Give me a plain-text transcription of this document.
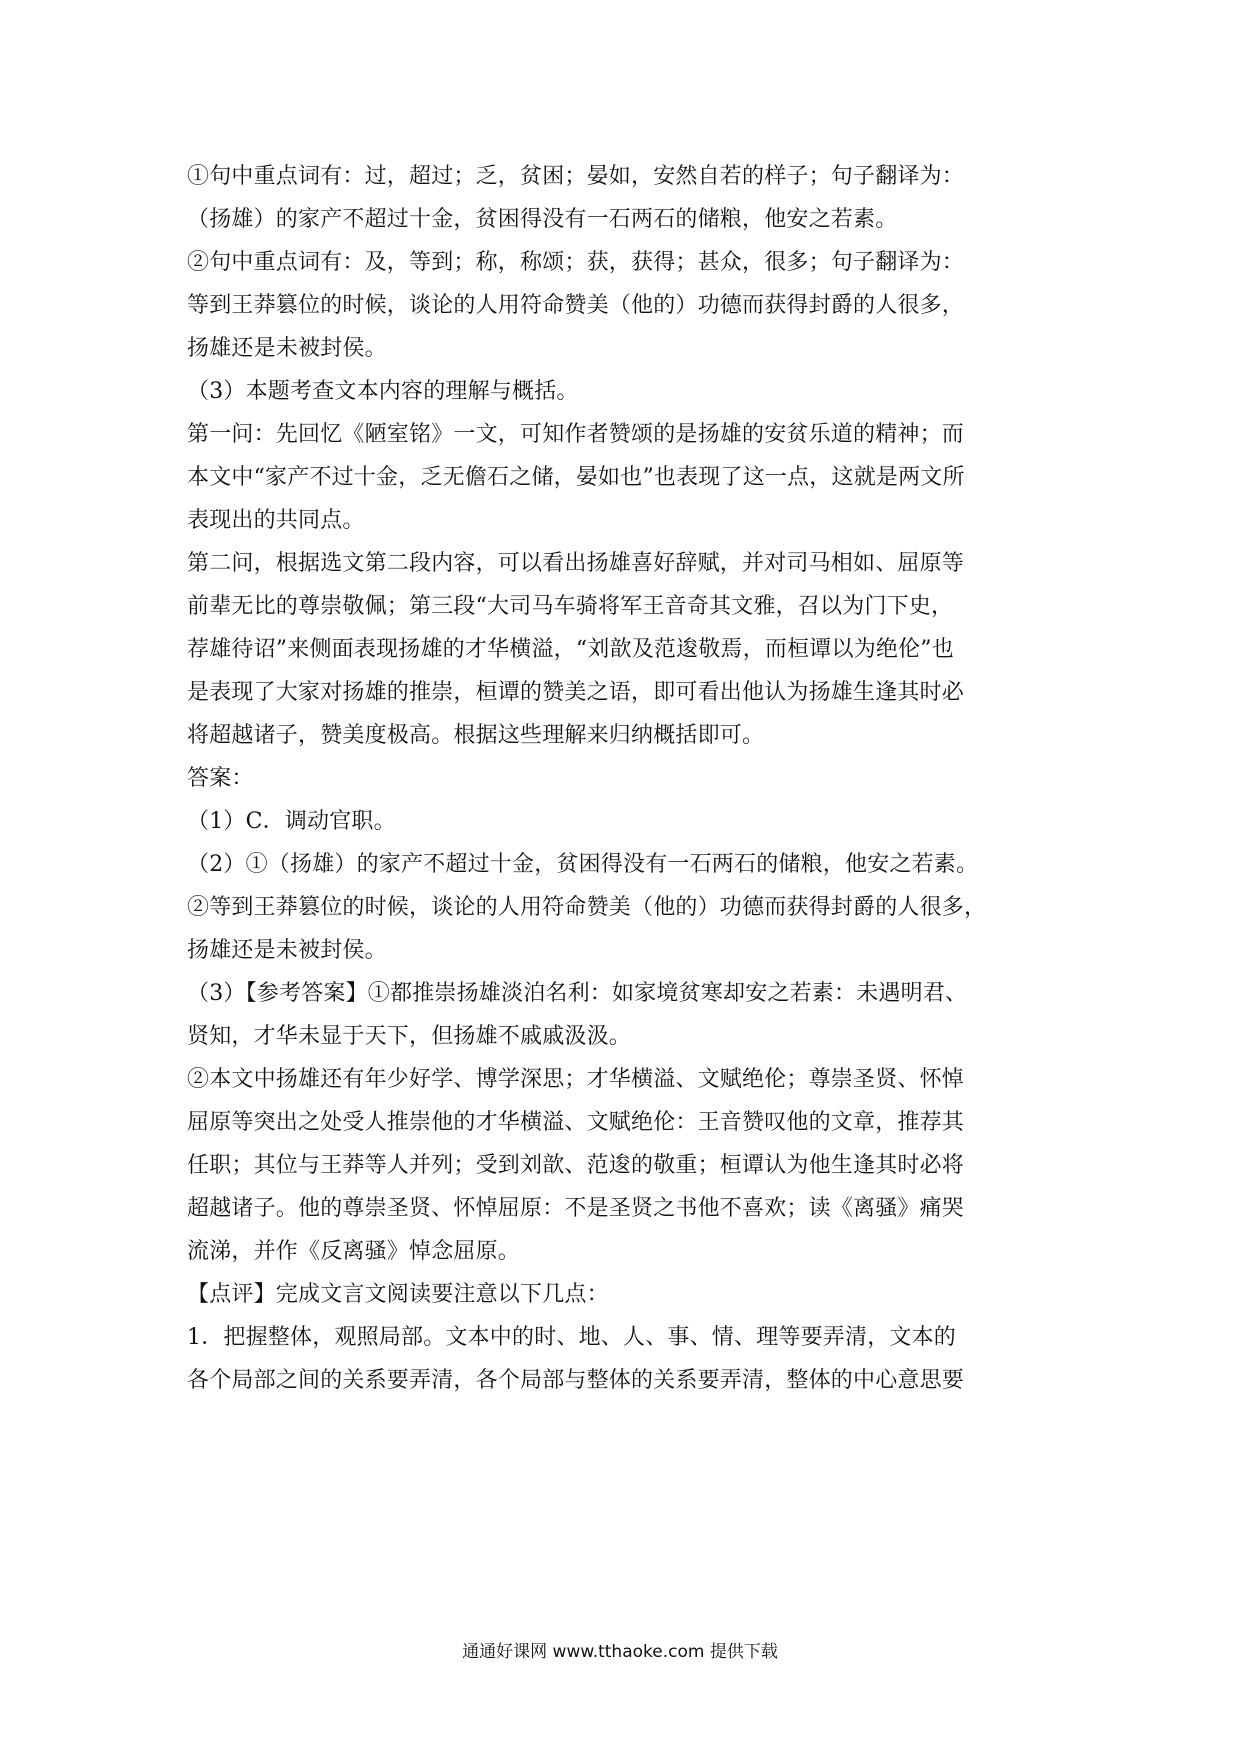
①句中重点词有：过，超过；乏，贫困；晏如，安然自若的样子；句子翻译为：
（扬雄）的家产不超过十金，贫困得没有一石两石的储粮，他安之若素。
②句中重点词有：及，等到；称，称颂；获，获得；甚众，很多；句子翻译为：
等到王莽篡位的时候，谈论的人用符命赞美（他的）功德而获得封爵的人很多，
扬雄还是未被封侯。
（3）本题考查文本内容的理解与概括。
第一问：先回忆《陋室铭》一文，可知作者赞颂的是扬雄的安贫乐道的精神；而
本文中“家产不过十金，乏无儋石之储，晏如也”也表现了这一点，这就是两文所
表现出的共同点。
第二问，根据选文第二段内容，可以看出扬雄喜好辞赋，并对司马相如、屈原等
前辈无比的尊崇敬佩；第三段“大司马车骑将军王音奇其文雅，召以为门下史，
荐雄待诏”来侧面表现扬雄的才华横溢，“刘歆及范逡敬焉，而桓谭以为绝伦”也
是表现了大家对扬雄的推崇，桓谭的赞美之语，即可看出他认为扬雄生逢其时必
将超越诸子，赞美度极高。根据这些理解来归纳概括即可。
答案：
（1）C．调动官职。
（2）①（扬雄）的家产不超过十金，贫困得没有一石两石的储粮，他安之若素。
②等到王莽篡位的时候，谈论的人用符命赞美（他的）功德而获得封爵的人很多，
扬雄还是未被封侯。
（3）【参考答案】①都推崇扬雄淡泊名利：如家境贫寒却安之若素：未遇明君、
贤知，才华未显于天下，但扬雄不戚戚汲汲。
②本文中扬雄还有年少好学、博学深思；才华横溢、文赋绝伦；尊崇圣贤、怀悼
屈原等突出之处受人推崇他的才华横溢、文赋绝伦：王音赞叹他的文章，推荐其
任职；其位与王莽等人并列；受到刘歆、范逡的敬重；桓谭认为他生逢其时必将
超越诸子。他的尊崇圣贤、怀悼屈原：不是圣贤之书他不喜欢；读《离骚》痛哭
流涕，并作《反离骚》悼念屈原。
【点评】完成文言文阅读要注意以下几点：
1．把握整体，观照局部。文本中的时、地、人、事、情、理等要弄清，文本的
各个局部之间的关系要弄清，各个局部与整体的关系要弄清，整体的中心意思要
通通好课网 www.tthaoke.com 提供下载
